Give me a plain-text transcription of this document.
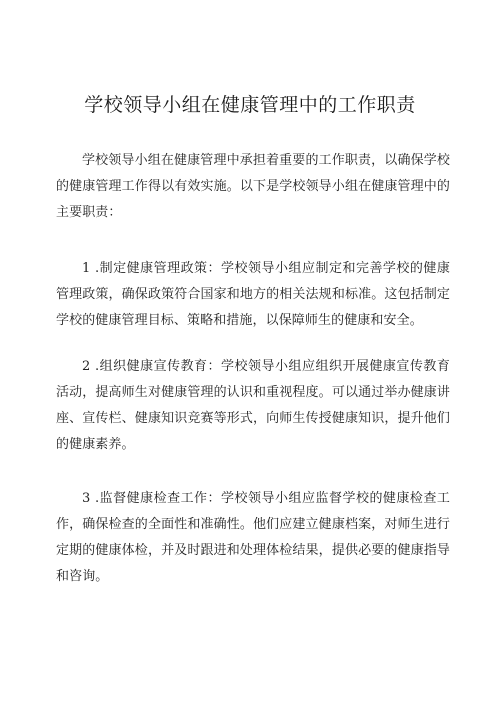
学校领导小组在健康管理中的工作职责

学校领导小组在健康管理中承担着重要的工作职责，以确保学校的健康管理工作得以有效实施。以下是学校领导小组在健康管理中的主要职责：

1 .制定健康管理政策：学校领导小组应制定和完善学校的健康管理政策，确保政策符合国家和地方的相关法规和标准。这包括制定学校的健康管理目标、策略和措施，以保障师生的健康和安全。

2 .组织健康宣传教育：学校领导小组应组织开展健康宣传教育活动，提高师生对健康管理的认识和重视程度。可以通过举办健康讲座、宣传栏、健康知识竞赛等形式，向师生传授健康知识，提升他们的健康素养。

3 .监督健康检查工作：学校领导小组应监督学校的健康检查工作，确保检查的全面性和准确性。他们应建立健康档案，对师生进行定期的健康体检，并及时跟进和处理体检结果，提供必要的健康指导和咨询。
